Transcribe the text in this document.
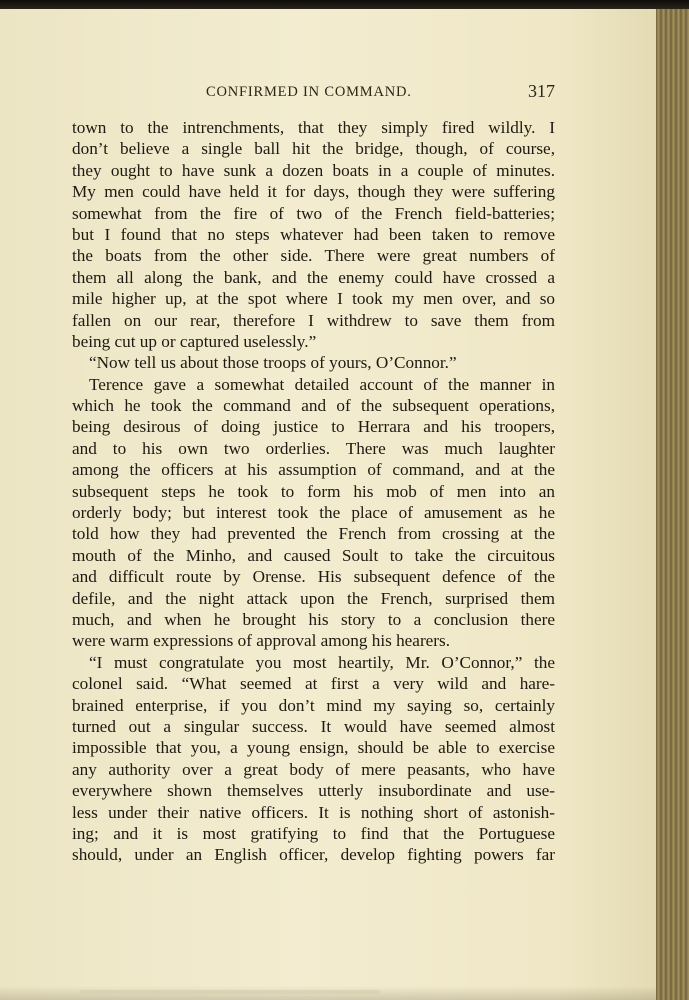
CONFIRMED IN COMMAND.	317
town to the intrenchments, that they simply fired wildly. I
don’t believe a single ball hit the bridge, though, of course,
they ought to have sunk a dozen boats in a couple of minutes.
My men could have held it for days, though they were suffering
somewhat from the fire of two of the French field-batteries;
but I found that no steps whatever had been taken to remove
the boats from the other side. There were great numbers of
them all along the bank, and the enemy could have crossed a
mile higher up, at the spot where I took my men over, and so
fallen on our rear, therefore I withdrew to save them from
being cut up or captured uselessly.”
“Now tell us about those troops of yours, O’Connor.”
Terence gave a somewhat detailed account of the manner in
which he took the command and of the subsequent operations,
being desirous of doing justice to Herrara and his troopers,
and to his own two orderlies. There was much laughter
among the officers at his assumption of command, and at the
subsequent steps he took to form his mob of men into an
orderly body; but interest took the place of amusement as he
told how they had prevented the French from crossing at the
mouth of the Minho, and caused Soult to take the circuitous
and difficult route by Orense. His subsequent defence of the
defile, and the night attack upon the French, surprised them
much, and when he brought his story to a conclusion there
were warm expressions of approval among his hearers.
“I must congratulate you most heartily, Mr. O’Connor,” the
colonel said. “What seemed at first a very wild and hare-
brained enterprise, if you don’t mind my saying so, certainly
turned out a singular success. It would have seemed almost
impossible that you, a young ensign, should be able to exercise
any authority over a great body of mere peasants, who have
everywhere shown themselves utterly insubordinate and use-
less under their native officers. It is nothing short of astonish-
ing; and it is most gratifying to find that the Portuguese
should, under an English officer, develop fighting powers far
